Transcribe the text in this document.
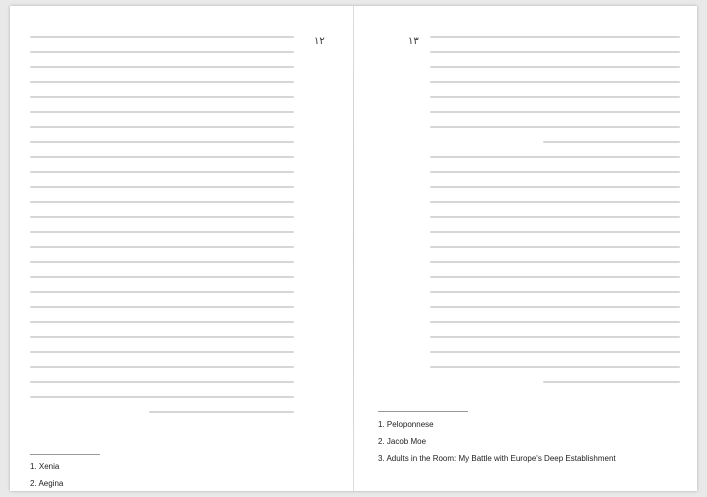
۱۲
1. Xenia
2. Aegina
۱۳
1. Peloponnese
2. Jacob Moe
3. Adults in the Room: My Battle with Europe's Deep Establishment
